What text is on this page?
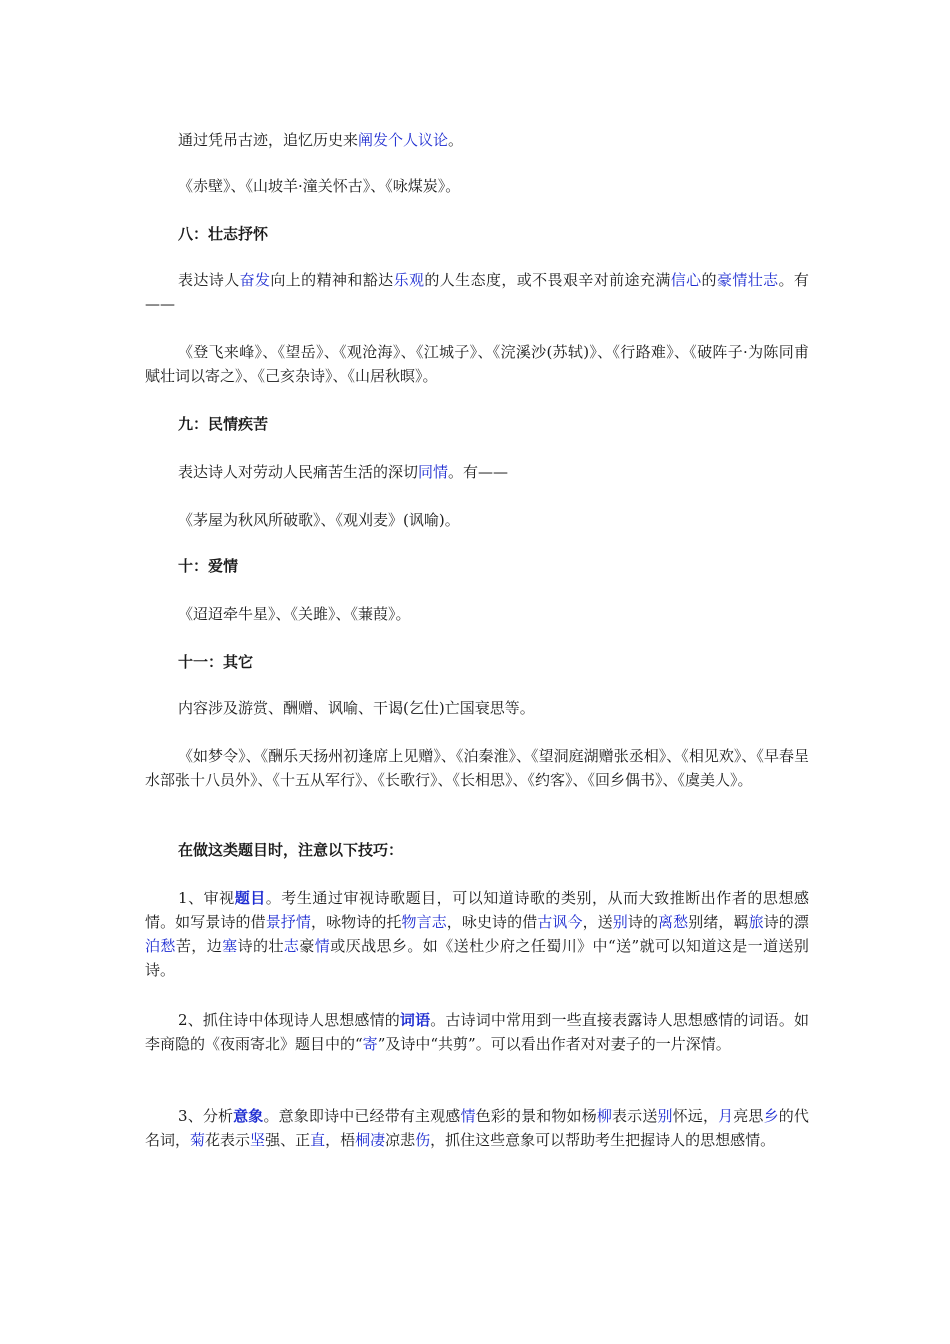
通过凭吊古迹，追忆历史来阐发个人议论。

《赤壁》、《山坡羊·潼关怀古》、《咏煤炭》。

八：壮志抒怀

表达诗人奋发向上的精神和豁达乐观的人生态度，或不畏艰辛对前途充满信心的豪情壮志。有——

《登飞来峰》、《望岳》、《观沧海》、《江城子》、《浣溪沙(苏轼)》、《行路难》、《破阵子·为陈同甫赋壮词以寄之》、《己亥杂诗》、《山居秋暝》。

九：民情疾苦

表达诗人对劳动人民痛苦生活的深切同情。有——

《茅屋为秋风所破歌》、《观刈麦》(讽喻)。

十：爱情

《迢迢牵牛星》、《关雎》、《蒹葭》。

十一：其它

内容涉及游赏、酬赠、讽喻、干谒(乞仕)亡国衰思等。

《如梦令》、《酬乐天扬州初逢席上见赠》、《泊秦淮》、《望洞庭湖赠张丞相》、《相见欢》、《早春呈水部张十八员外》、《十五从军行》、《长歌行》、《长相思》、《约客》、《回乡偶书》、《虞美人》。

在做这类题目时，注意以下技巧：

1、审视题目。考生通过审视诗歌题目，可以知道诗歌的类别，从而大致推断出作者的思想感情。如写景诗的借景抒情，咏物诗的托物言志，咏史诗的借古讽今，送别诗的离愁别绪，羁旅诗的漂泊愁苦，边塞诗的壮志豪情或厌战思乡。如《送杜少府之任蜀川》中“送”就可以知道这是一道送别诗。

2、抓住诗中体现诗人思想感情的词语。古诗词中常用到一些直接表露诗人思想感情的词语。如李商隐的《夜雨寄北》题目中的“寄”及诗中“共剪”。可以看出作者对对妻子的一片深情。

3、分析意象。意象即诗中已经带有主观感情色彩的景和物如杨柳表示送别怀远，月亮思乡的代名词，菊花表示坚强、正直，梧桐凄凉悲伤，抓住这些意象可以帮助考生把握诗人的思想感情。
